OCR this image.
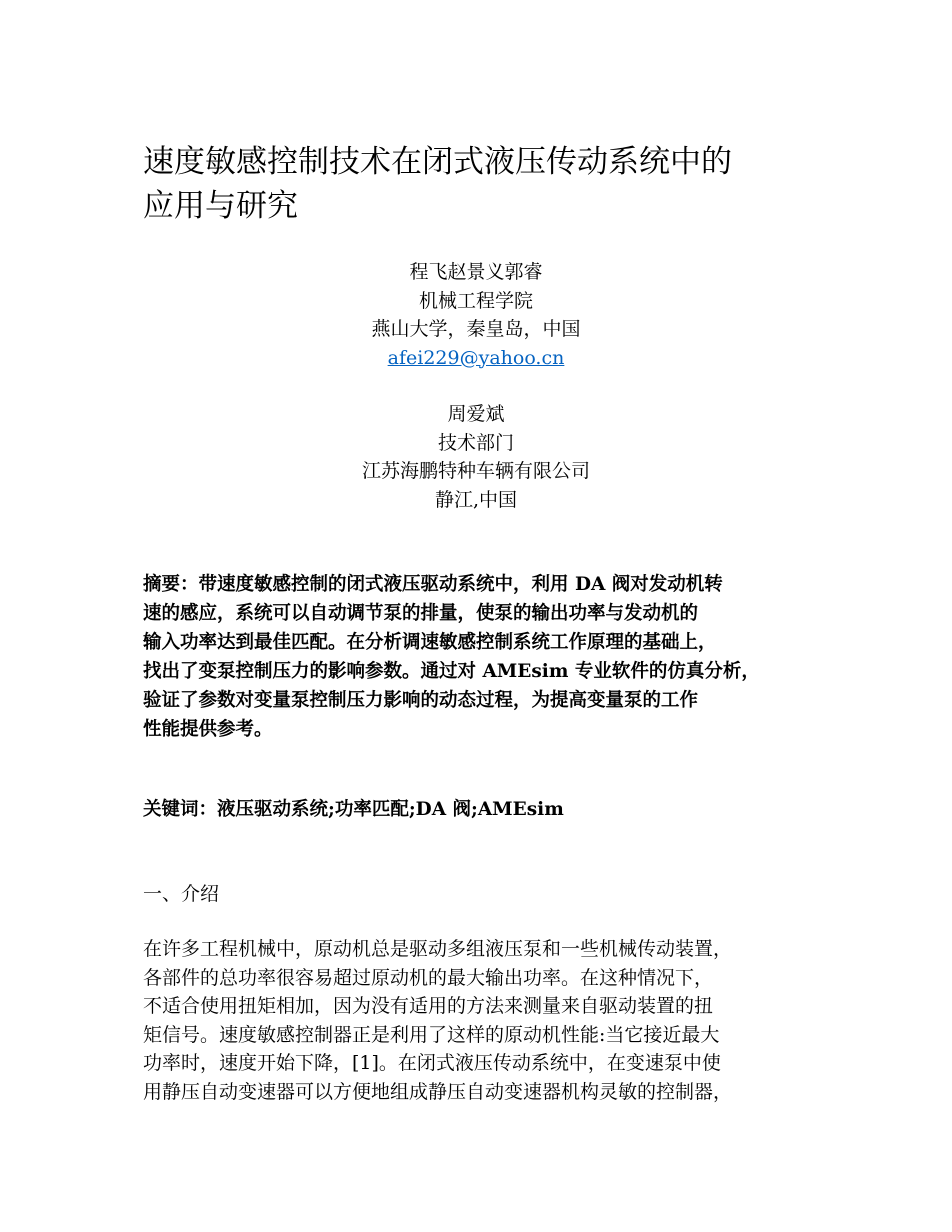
速度敏感控制技术在闭式液压传动系统中的
应用与研究
程飞赵景义郭睿
机械工程学院
燕山大学，秦皇岛，中国
afei229@yahoo.cn
周爱斌
技术部门
江苏海鹏特种车辆有限公司
静江,中国
摘要：带速度敏感控制的闭式液压驱动系统中，利用 DA 阀对发动机转
速的感应，系统可以自动调节泵的排量，使泵的输出功率与发动机的
输入功率达到最佳匹配。在分析调速敏感控制系统工作原理的基础上，
找出了变泵控制压力的影响参数。通过对 AMEsim 专业软件的仿真分析，
验证了参数对变量泵控制压力影响的动态过程，为提高变量泵的工作
性能提供参考。
关键词：液压驱动系统;功率匹配;DA 阀;AMEsim
一、介绍
在许多工程机械中，原动机总是驱动多组液压泵和一些机械传动装置，
各部件的总功率很容易超过原动机的最大输出功率。在这种情况下，
不适合使用扭矩相加，因为没有适用的方法来测量来自驱动装置的扭
矩信号。速度敏感控制器正是利用了这样的原动机性能:当它接近最大
功率时，速度开始下降，[1]。在闭式液压传动系统中，在变速泵中使
用静压自动变速器可以方便地组成静压自动变速器机构灵敏的控制器，
